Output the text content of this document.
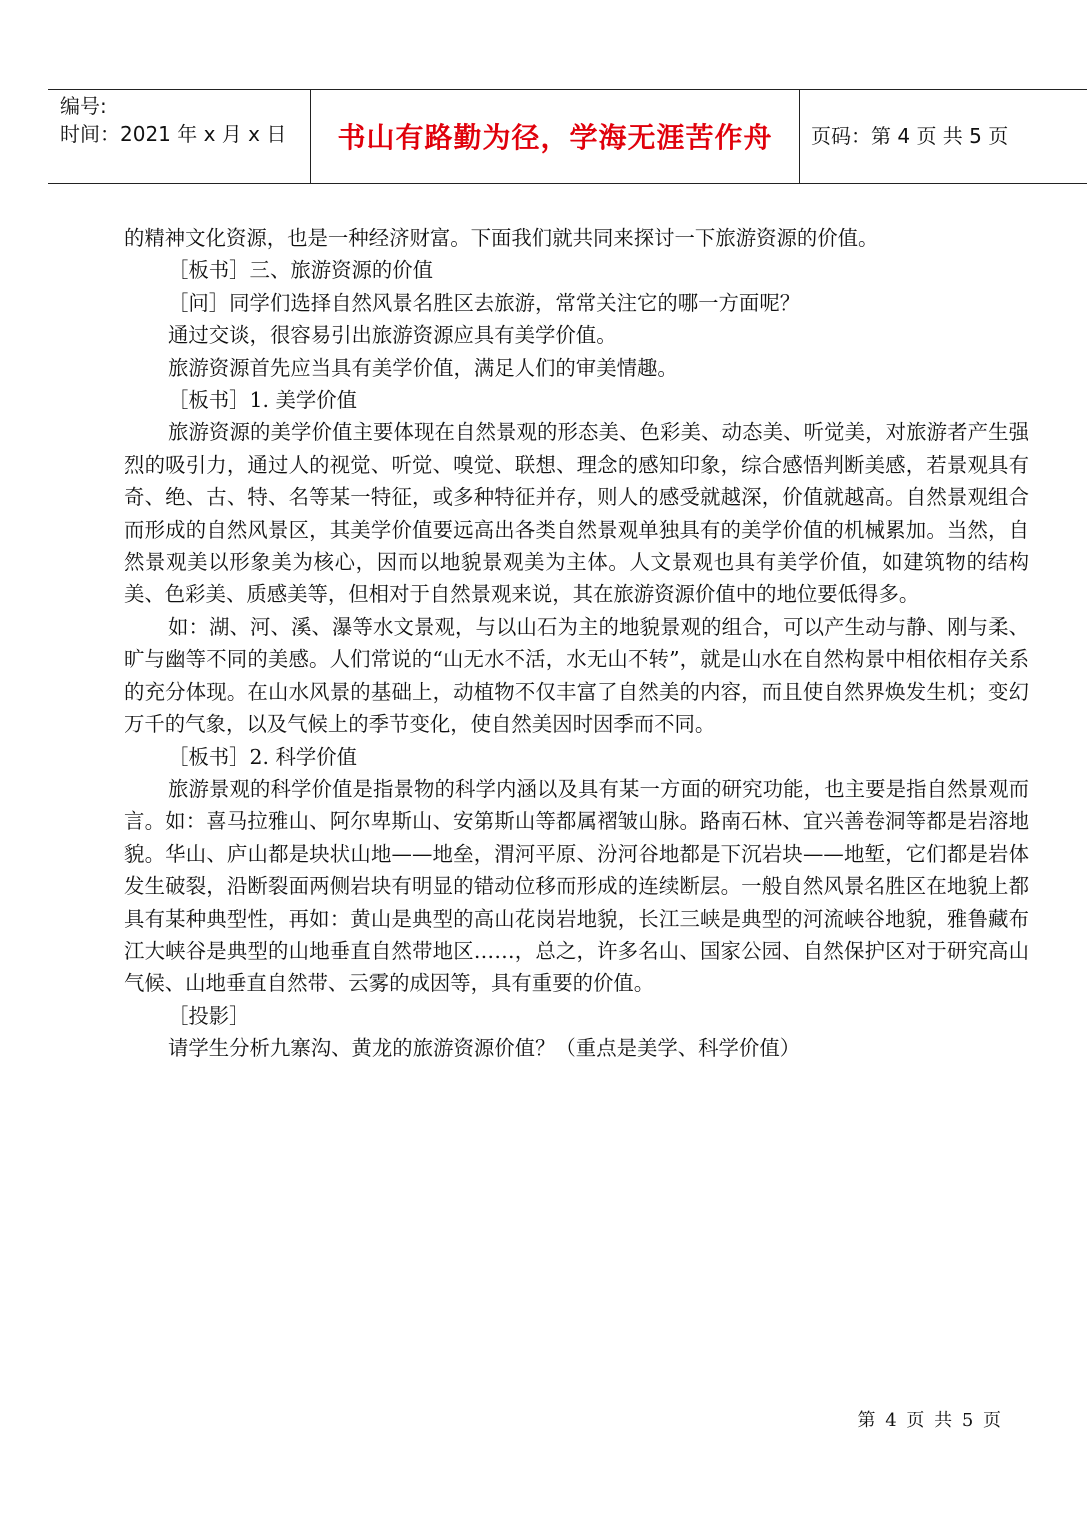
编号:
时间：2021 年 x 月 x 日	书山有路勤为径，学海无涯苦作舟	页码：第 4 页 共 5 页

的精神文化资源，也是一种经济财富。下面我们就共同来探讨一下旅游资源的价值。

［板书］三、旅游资源的价值

［问］同学们选择自然风景名胜区去旅游，常常关注它的哪一方面呢？

通过交谈，很容易引出旅游资源应具有美学价值。

旅游资源首先应当具有美学价值，满足人们的审美情趣。

［板书］1. 美学价值

旅游资源的美学价值主要体现在自然景观的形态美、色彩美、动态美、听觉美，对旅游者产生强烈的吸引力，通过人的视觉、听觉、嗅觉、联想、理念的感知印象，综合感悟判断美感，若景观具有奇、绝、古、特、名等某一特征，或多种特征并存，则人的感受就越深，价值就越高。自然景观组合而形成的自然风景区，其美学价值要远高出各类自然景观单独具有的美学价值的机械累加。当然，自然景观美以形象美为核心，因而以地貌景观美为主体。人文景观也具有美学价值，如建筑物的结构美、色彩美、质感美等，但相对于自然景观来说，其在旅游资源价值中的地位要低得多。

如：湖、河、溪、瀑等水文景观，与以山石为主的地貌景观的组合，可以产生动与静、刚与柔、旷与幽等不同的美感。人们常说的“山无水不活，水无山不转”，就是山水在自然构景中相依相存关系的充分体现。在山水风景的基础上，动植物不仅丰富了自然美的内容，而且使自然界焕发生机；变幻万千的气象，以及气候上的季节变化，使自然美因时因季而不同。

［板书］2. 科学价值

旅游景观的科学价值是指景物的科学内涵以及具有某一方面的研究功能，也主要是指自然景观而言。如：喜马拉雅山、阿尔卑斯山、安第斯山等都属褶皱山脉。路南石林、宜兴善卷洞等都是岩溶地貌。华山、庐山都是块状山地——地垒，渭河平原、汾河谷地都是下沉岩块——地堑，它们都是岩体发生破裂，沿断裂面两侧岩块有明显的错动位移而形成的连续断层。一般自然风景名胜区在地貌上都具有某种典型性，再如：黄山是典型的高山花岗岩地貌，长江三峡是典型的河流峡谷地貌，雅鲁藏布江大峡谷是典型的山地垂直自然带地区……，总之，许多名山、国家公园、自然保护区对于研究高山气候、山地垂直自然带、云雾的成因等，具有重要的价值。

［投影］

请学生分析九寨沟、黄龙的旅游资源价值？（重点是美学、科学价值）

第 4 页 共 5 页
